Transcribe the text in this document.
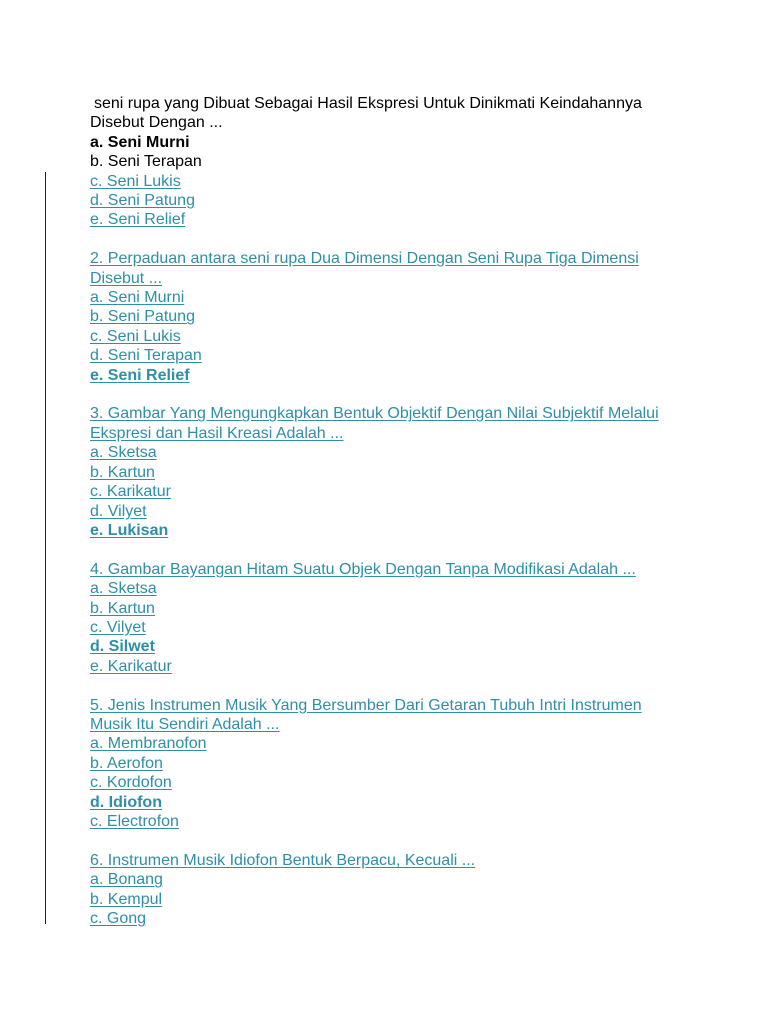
seni rupa yang Dibuat Sebagai Hasil Ekspresi Untuk Dinikmati Keindahannya
Disebut Dengan ...
a. Seni Murni
b. Seni Terapan
c. Seni Lukis
d. Seni Patung
e. Seni Relief
2. Perpaduan antara seni rupa Dua Dimensi Dengan Seni Rupa Tiga Dimensi
Disebut ...
a. Seni Murni
b. Seni Patung
c. Seni Lukis
d. Seni Terapan
e. Seni Relief
3. Gambar Yang Mengungkapkan Bentuk Objektif Dengan Nilai Subjektif Melalui
Ekspresi dan Hasil Kreasi Adalah ...
a. Sketsa
b. Kartun
c. Karikatur
d. Vilyet
e. Lukisan
4. Gambar Bayangan Hitam Suatu Objek Dengan Tanpa Modifikasi Adalah ...
a. Sketsa
b. Kartun
c. Vilyet
d. Silwet
e. Karikatur
5. Jenis Instrumen Musik Yang Bersumber Dari Getaran Tubuh Intri Instrumen
Musik Itu Sendiri Adalah ...
a. Membranofon
b. Aerofon
c. Kordofon
d. Idiofon
c. Electrofon
6. Instrumen Musik Idiofon Bentuk Berpacu, Kecuali ...
a. Bonang
b. Kempul
c. Gong
